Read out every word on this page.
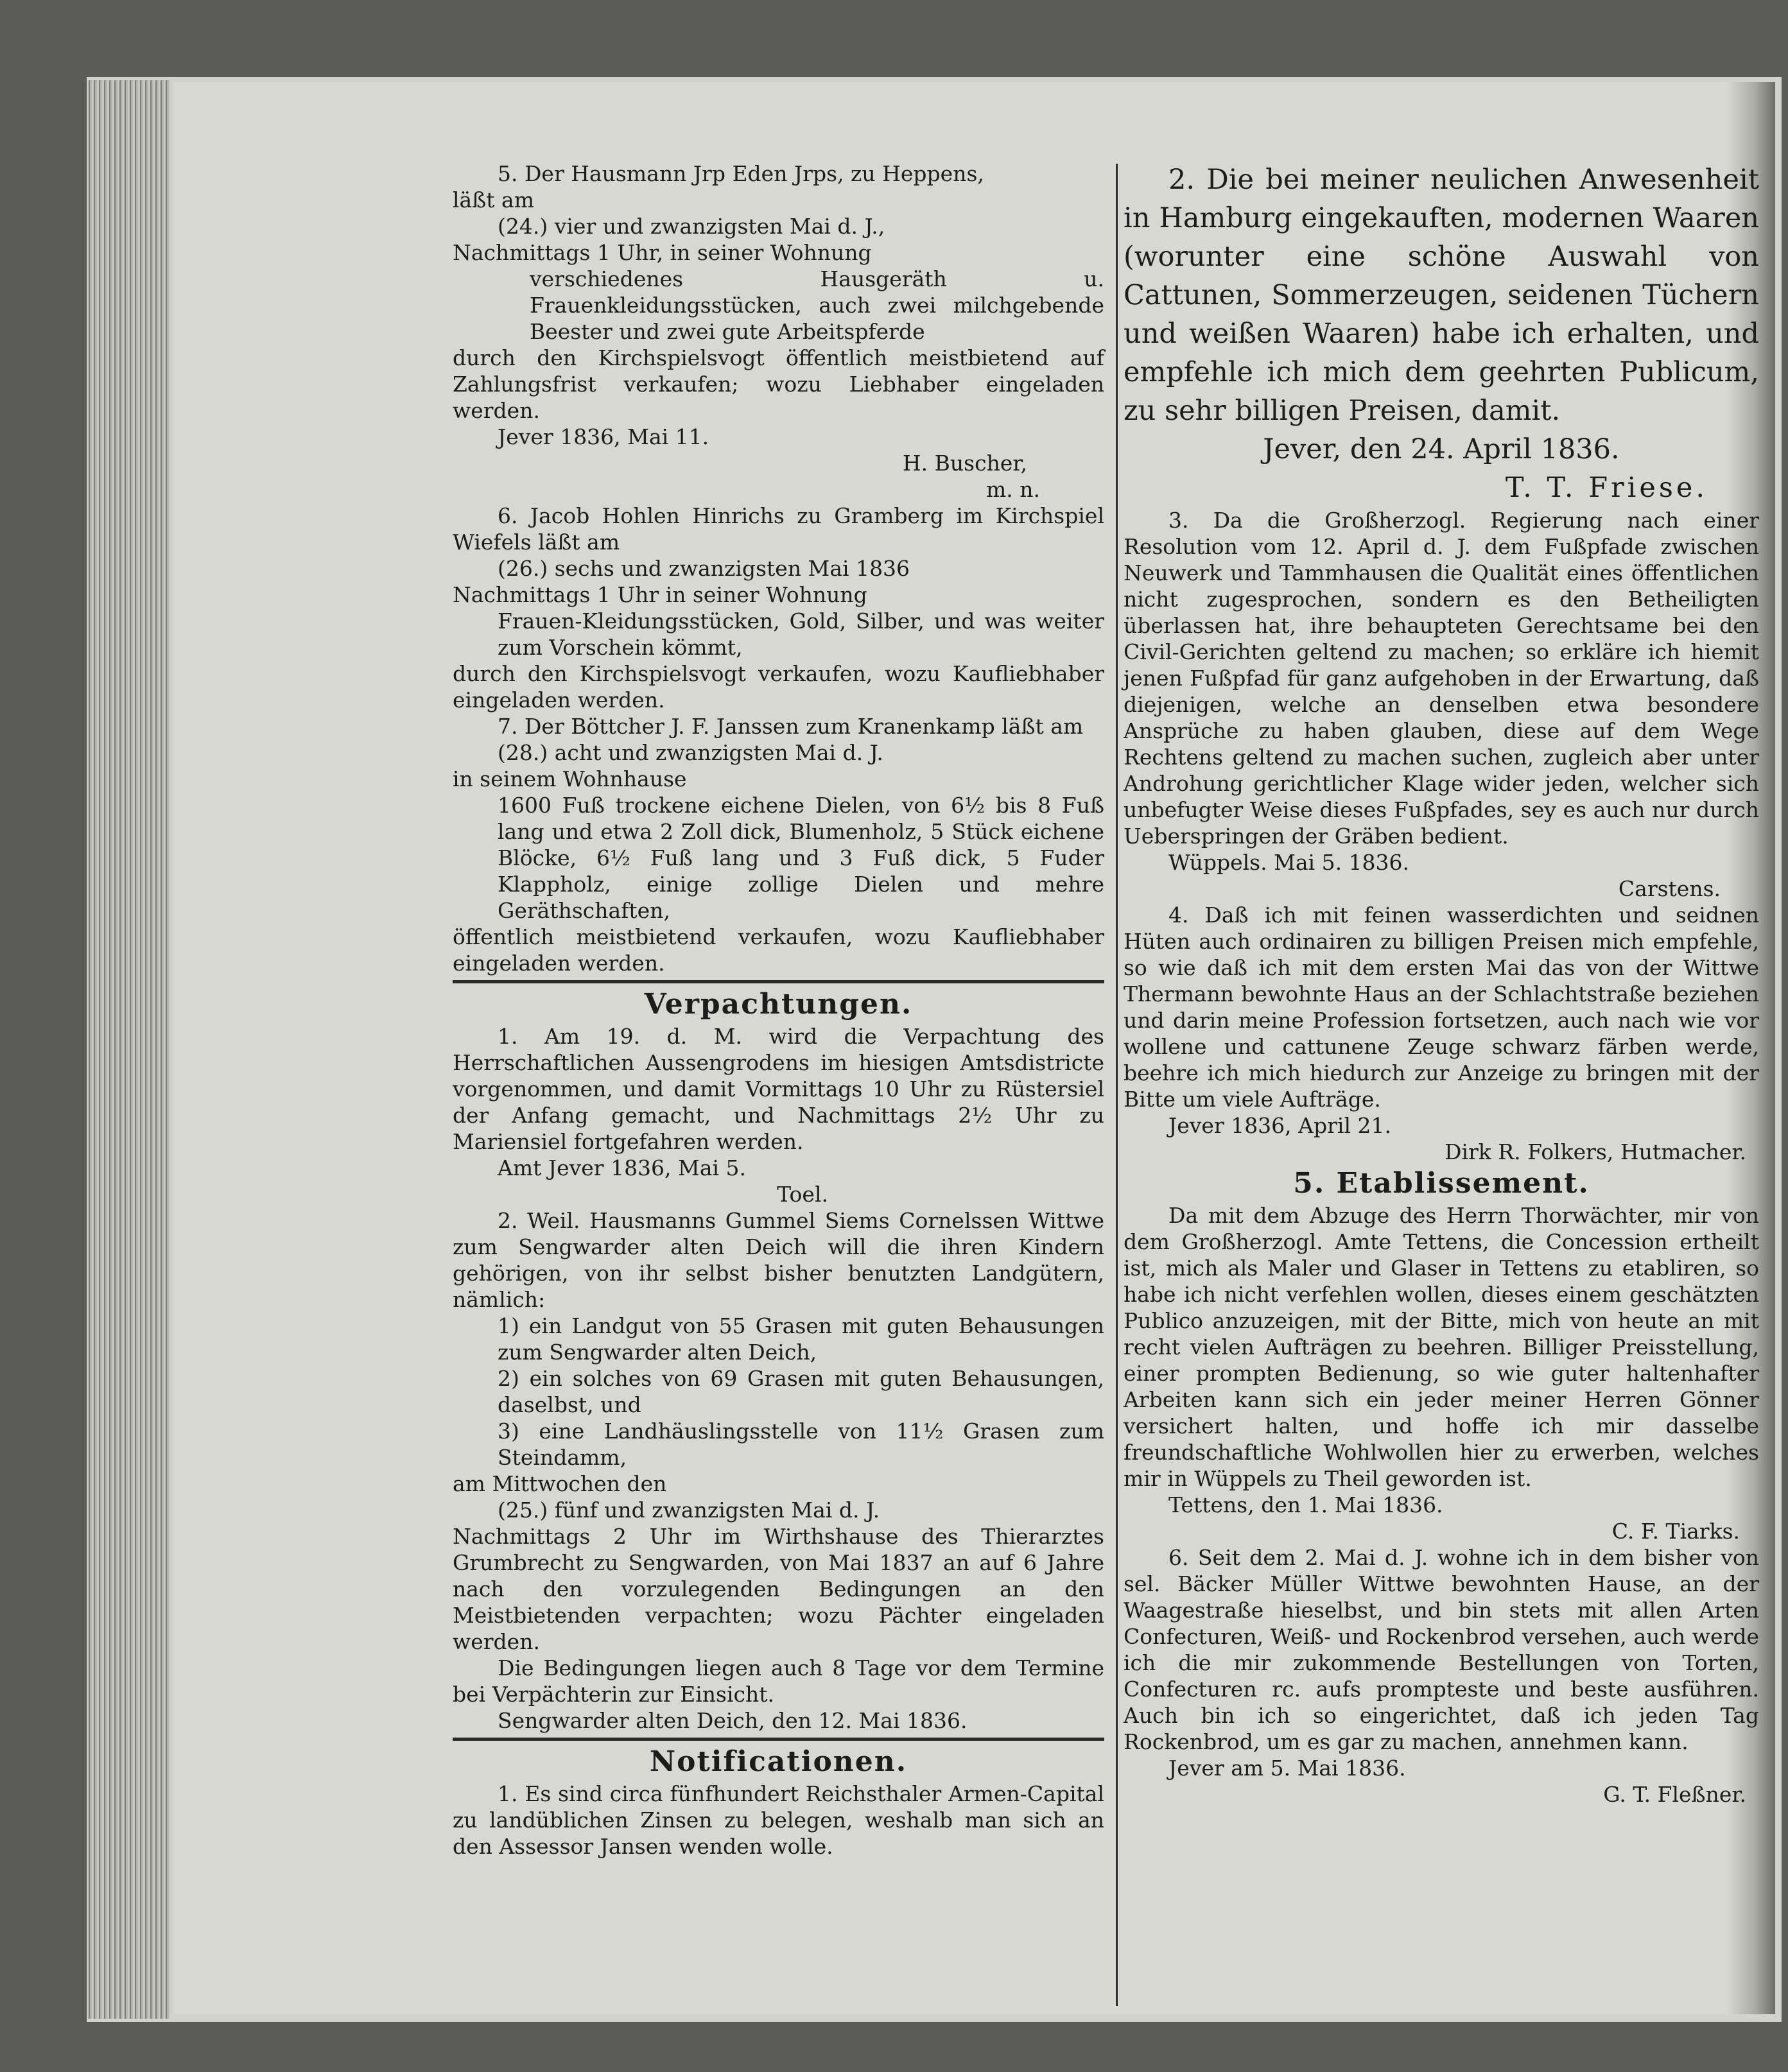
5. Der Hausmann Jrp Eden Jrps, zu Heppens,

läßt am

(24.) vier und zwanzigsten Mai d. J.,

Nachmittags 1 Uhr, in seiner Wohnung

verschiedenes Hausgeräth u. Frauenkleidungsstücken, auch zwei milchgebende Beester und zwei gute Arbeitspferde

durch den Kirchspielsvogt öffentlich meistbietend auf Zahlungsfrist verkaufen; wozu Liebhaber eingeladen werden.

Jever 1836, Mai 11.

H. Buscher,

m. n.

6. Jacob Hohlen Hinrichs zu Gramberg im Kirchspiel Wiefels läßt am

(26.) sechs und zwanzigsten Mai 1836

Nachmittags 1 Uhr in seiner Wohnung

Frauen-Kleidungsstücken, Gold, Silber, und was weiter zum Vorschein kömmt,

durch den Kirchspielsvogt verkaufen, wozu Kaufliebhaber eingeladen werden.

7. Der Böttcher J. F. Janssen zum Kranenkamp läßt am

(28.) acht und zwanzigsten Mai d. J.

in seinem Wohnhause

1600 Fuß trockene eichene Dielen, von 6½ bis 8 Fuß lang und etwa 2 Zoll dick, Blumenholz, 5 Stück eichene Blöcke, 6½ Fuß lang und 3 Fuß dick, 5 Fuder Klappholz, einige zollige Dielen und mehre Geräthschaften,

öffentlich meistbietend verkaufen, wozu Kaufliebhaber eingeladen werden.

Verpachtungen.

1. Am 19. d. M. wird die Verpachtung des Herrschaftlichen Aussengrodens im hiesigen Amtsdistricte vorgenommen, und damit Vormittags 10 Uhr zu Rüstersiel der Anfang gemacht, und Nachmittags 2½ Uhr zu Mariensiel fortgefahren werden.

Amt Jever 1836, Mai 5.

Toel.

2. Weil. Hausmanns Gummel Siems Cornelssen Wittwe zum Sengwarder alten Deich will die ihren Kindern gehörigen, von ihr selbst bisher benutzten Landgütern, nämlich:

1) ein Landgut von 55 Grasen mit guten Behausungen zum Sengwarder alten Deich,

2) ein solches von 69 Grasen mit guten Behausungen, daselbst, und

3) eine Landhäuslingsstelle von 11½ Grasen zum Steindamm,

am Mittwochen den

(25.) fünf und zwanzigsten Mai d. J.

Nachmittags 2 Uhr im Wirthshause des Thierarztes Grumbrecht zu Sengwarden, von Mai 1837 an auf 6 Jahre nach den vorzulegenden Bedingungen an den Meistbietenden verpachten; wozu Pächter eingeladen werden.

Die Bedingungen liegen auch 8 Tage vor dem Termine bei Verpächterin zur Einsicht.

Sengwarder alten Deich, den 12. Mai 1836.

Notificationen.

1. Es sind circa fünfhundert Reichsthaler Armen-Capital zu landüblichen Zinsen zu belegen, weshalb man sich an den Assessor Jansen wenden wolle.

2. Die bei meiner neulichen Anwesenheit in Hamburg eingekauften, modernen Waaren (worunter eine schöne Auswahl von Cattunen, Sommerzeugen, seidenen Tüchern und weißen Waaren) habe ich erhalten, und empfehle ich mich dem geehrten Publicum, zu sehr billigen Preisen, damit.

Jever, den 24. April 1836.

T. T. Friese.

3. Da die Großherzogl. Regierung nach einer Resolution vom 12. April d. J. dem Fußpfade zwischen Neuwerk und Tammhausen die Qualität eines öffentlichen nicht zugesprochen, sondern es den Betheiligten überlassen hat, ihre behaupteten Gerechtsame bei den Civil-Gerichten geltend zu machen; so erkläre ich hiemit jenen Fußpfad für ganz aufgehoben in der Erwartung, daß diejenigen, welche an denselben etwa besondere Ansprüche zu haben glauben, diese auf dem Wege Rechtens geltend zu machen suchen, zugleich aber unter Androhung gerichtlicher Klage wider jeden, welcher sich unbefugter Weise dieses Fußpfades, sey es auch nur durch Ueberspringen der Gräben bedient.

Wüppels. Mai 5. 1836.

Carstens.

4. Daß ich mit feinen wasserdichten und seidnen Hüten auch ordinairen zu billigen Preisen mich empfehle, so wie daß ich mit dem ersten Mai das von der Wittwe Thermann bewohnte Haus an der Schlachtstraße beziehen und darin meine Profession fortsetzen, auch nach wie vor wollene und cattunene Zeuge schwarz färben werde, beehre ich mich hiedurch zur Anzeige zu bringen mit der Bitte um viele Aufträge.

Jever 1836, April 21.

Dirk R. Folkers, Hutmacher.

5. Etablissement.

Da mit dem Abzuge des Herrn Thorwächter, mir von dem Großherzogl. Amte Tettens, die Concession ertheilt ist, mich als Maler und Glaser in Tettens zu etabliren, so habe ich nicht verfehlen wollen, dieses einem geschätzten Publico anzuzeigen, mit der Bitte, mich von heute an mit recht vielen Aufträgen zu beehren. Billiger Preisstellung, einer prompten Bedienung, so wie guter haltenhafter Arbeiten kann sich ein jeder meiner Herren Gönner versichert halten, und hoffe ich mir dasselbe freundschaftliche Wohlwollen hier zu erwerben, welches mir in Wüppels zu Theil geworden ist.

Tettens, den 1. Mai 1836.

C. F. Tiarks.

6. Seit dem 2. Mai d. J. wohne ich in dem bisher von sel. Bäcker Müller Wittwe bewohnten Hause, an der Waagestraße hieselbst, und bin stets mit allen Arten Confecturen, Weiß- und Rockenbrod versehen, auch werde ich die mir zukommende Bestellungen von Torten, Confecturen rc. aufs prompteste und beste ausführen. Auch bin ich so eingerichtet, daß ich jeden Tag Rockenbrod, um es gar zu machen, annehmen kann.

Jever am 5. Mai 1836.

G. T. Fleßner.
